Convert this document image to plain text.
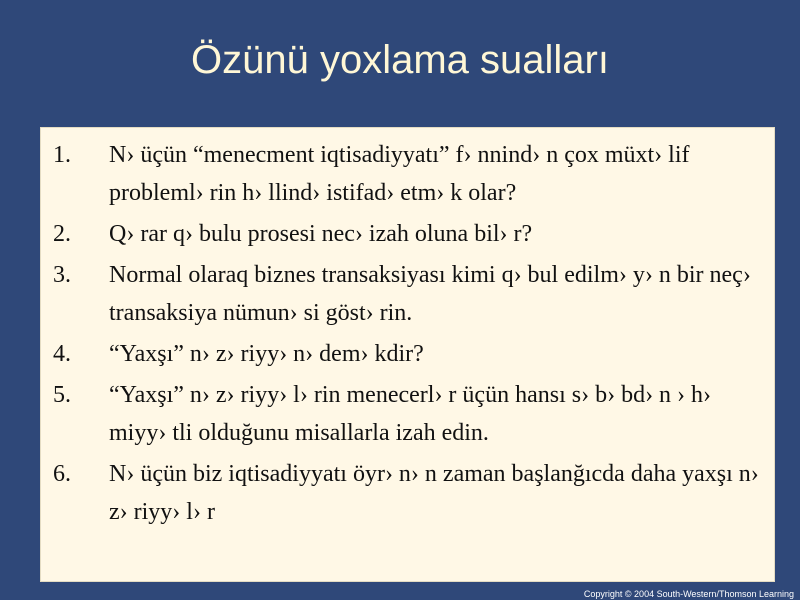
Özünü yoxlama sualları
1.	N› üçün “menecment iqtisadiyyatı” f› nnind› n çox müxt› lif probleml› rin h› llind› istifad› etm› k olar?
2.	Q› rar q› bulu prosesi nec› izah oluna bil› r?
3.	Normal olaraq biznes transaksiyası kimi q› bul edilm› y› n bir neç› transaksiya nümun› si göst› rin.
4.	“Yaxşı” n› z› riyy› n› dem› kdir?
5.	“Yaxşı” n› z› riyy› l› rin menecerl› r üçün hansı s› b› bd› n › h› miyy› tli olduğunu misallarla izah edin.
6.	N› üçün biz iqtisadiyyatı öyr› n› n zaman başlanğıcda daha yaxşı n› z› riyy› l› r
Copyright © 2004 South-Western/Thomson Learning
